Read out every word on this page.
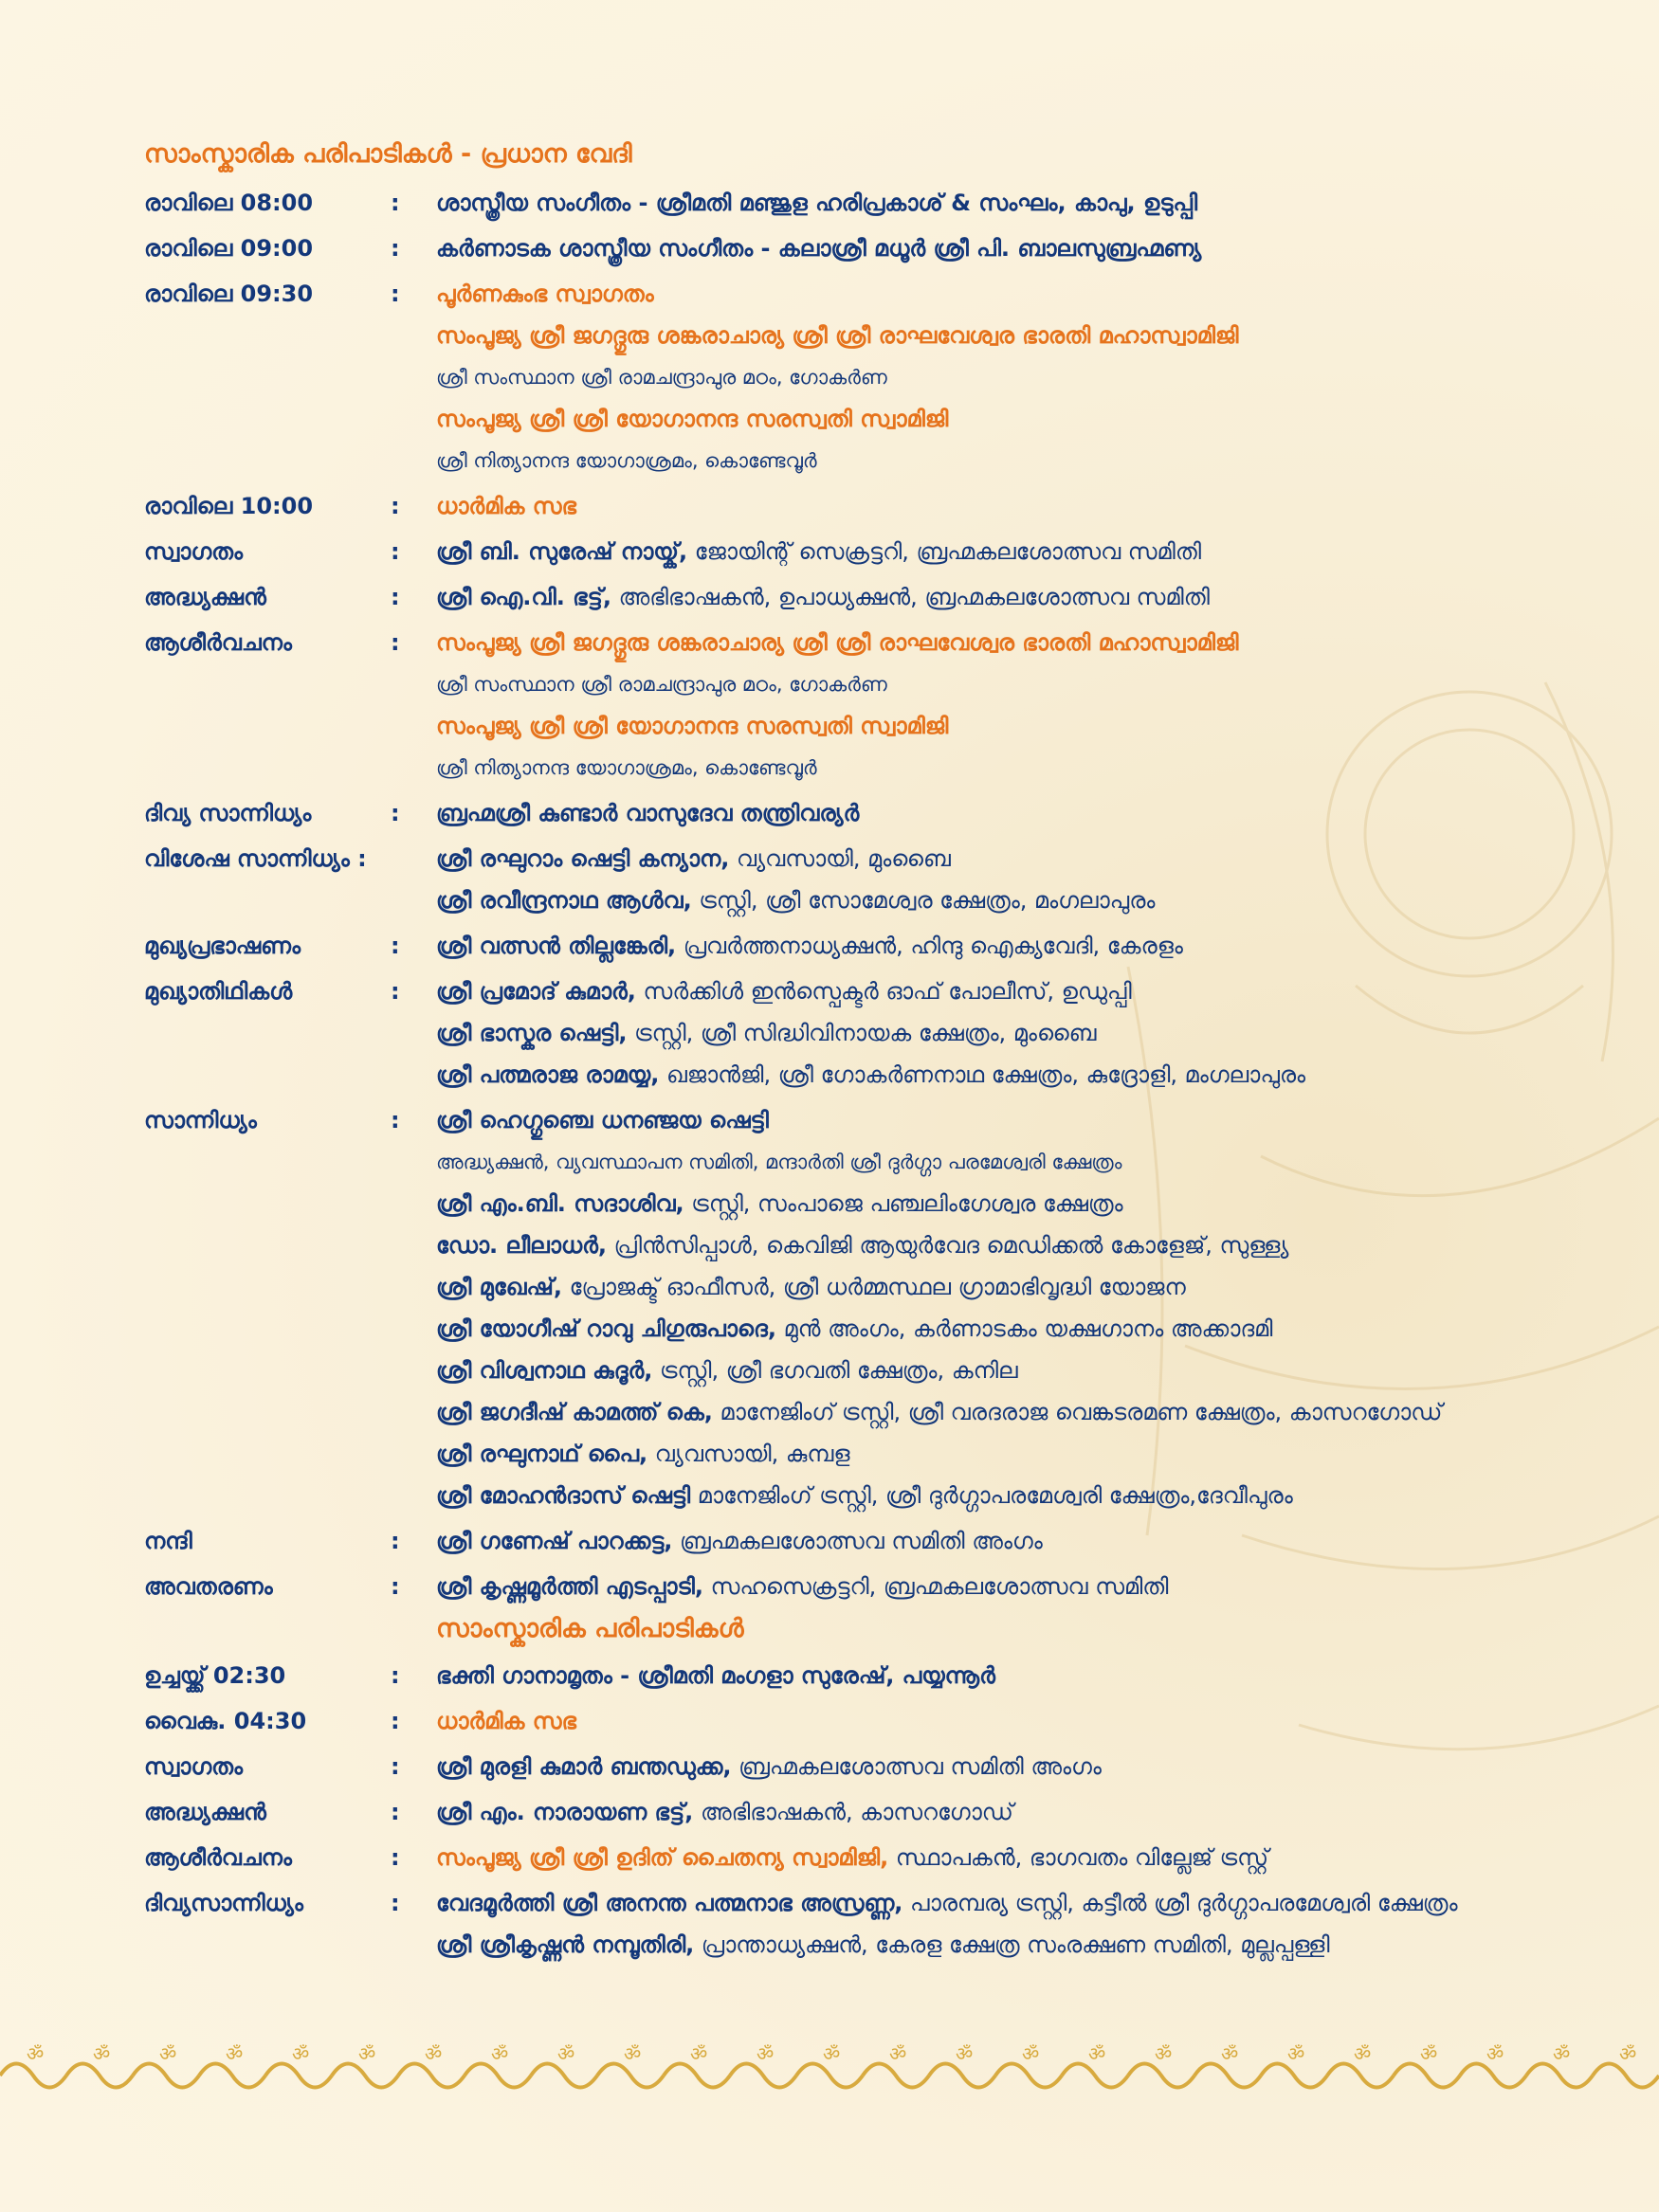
സാംസ്കാരിക പരിപാടികൾ - പ്രധാന വേദി
രാവിലെ 08:00	:	ശാസ്ത്രീയ സംഗീതം - ശ്രീമതി മഞ്ജുള ഹരിപ്രകാശ് & സംഘം, കാപു, ഉടുപ്പി
രാവിലെ 09:00	:	കർണാടക ശാസ്ത്രീയ സംഗീതം - കലാശ്രീ മധൂർ ശ്രീ പി. ബാലസുബ്രഹ്മണ്യ
രാവിലെ 09:30	:	പൂർണകുംഭ സ്വാഗതം
സംപൂജ്യ ശ്രീ ജഗദ്ഗുരു ശങ്കരാചാര്യ ശ്രീ ശ്രീ രാഘവേശ്വര ഭാരതി മഹാസ്വാമിജി
ശ്രീ സംസ്ഥാന ശ്രീ രാമചന്ദ്രാപുര മഠം, ഗോകർണ
സംപൂജ്യ ശ്രീ ശ്രീ യോഗാനന്ദ സരസ്വതി സ്വാമിജി
ശ്രീ നിത്യാനന്ദ യോഗാശ്രമം, കൊണ്ടേവൂർ
രാവിലെ 10:00	:	ധാർമിക സഭ
സ്വാഗതം	:	ശ്രീ ബി. സുരേഷ് നായ്ക്, ജോയിന്റ് സെക്രട്ടറി, ബ്രഹ്മകലശോത്സവ സമിതി
അദ്ധ്യക്ഷൻ	:	ശ്രീ ഐ.വി. ഭട്ട്, അഭിഭാഷകൻ, ഉപാധ്യക്ഷൻ, ബ്രഹ്മകലശോത്സവ സമിതി
ആശീർവചനം	:	സംപൂജ്യ ശ്രീ ജഗദ്ഗുരു ശങ്കരാചാര്യ ശ്രീ ശ്രീ രാഘവേശ്വര ഭാരതി മഹാസ്വാമിജി
ശ്രീ സംസ്ഥാന ശ്രീ രാമചന്ദ്രാപുര മഠം, ഗോകർണ
സംപൂജ്യ ശ്രീ ശ്രീ യോഗാനന്ദ സരസ്വതി സ്വാമിജി
ശ്രീ നിത്യാനന്ദ യോഗാശ്രമം, കൊണ്ടേവൂർ
ദിവ്യ സാന്നിധ്യം	:	ബ്രഹ്മശ്രീ കുണ്ടാർ വാസുദേവ തന്ത്രിവര്യർ
വിശേഷ സാന്നിധ്യം :	ശ്രീ രഘുറാം ഷെട്ടി കന്യാന, വ്യവസായി, മുംബൈ
ശ്രീ രവീന്ദ്രനാഥ ആൾവ, ട്രസ്റ്റി, ശ്രീ സോമേശ്വര ക്ഷേത്രം, മംഗലാപുരം
മുഖ്യപ്രഭാഷണം	:	ശ്രീ വത്സൻ തില്ലങ്കേരി, പ്രവർത്തനാധ്യക്ഷൻ, ഹിന്ദു ഐക്യവേദി, കേരളം
മുഖ്യാതിഥികൾ	:	ശ്രീ പ്രമോദ് കുമാർ, സർക്കിൾ ഇൻസ്പെക്ടർ ഓഫ് പോലീസ്, ഉഡുപ്പി
ശ്രീ ഭാസ്കര ഷെട്ടി, ട്രസ്റ്റി, ശ്രീ സിദ്ധിവിനായക ക്ഷേത്രം, മുംബൈ
ശ്രീ പത്മരാജ രാമയ്യ, ഖജാൻജി, ശ്രീ ഗോകർണനാഥ ക്ഷേത്രം, കുദ്രോളി, മംഗലാപുരം
സാന്നിധ്യം	:	ശ്രീ ഹെഗ്ഗുഞ്ചെ ധനഞ്ജയ ഷെട്ടി
അദ്ധ്യക്ഷൻ, വ്യവസ്ഥാപന സമിതി, മന്ദാർതി ശ്രീ ദുർഗ്ഗാ പരമേശ്വരി ക്ഷേത്രം
ശ്രീ എം.ബി. സദാശിവ, ട്രസ്റ്റി, സംപാജെ പഞ്ചലിംഗേശ്വര ക്ഷേത്രം
ഡോ. ലീലാധർ, പ്രിൻസിപ്പാൾ, കെവിജി ആയുർവേദ മെഡിക്കൽ കോളേജ്, സുള്ള്യ
ശ്രീ മുഖേഷ്, പ്രോജക്ട് ഓഫീസർ, ശ്രീ ധർമ്മസ്ഥല ഗ്രാമാഭിവൃദ്ധി യോജന
ശ്രീ യോഗീഷ് റാവു ചിഗുരുപാദെ, മുൻ അംഗം, കർണാടകം യക്ഷഗാനം അക്കാദമി
ശ്രീ വിശ്വനാഥ കുദൂർ, ട്രസ്റ്റി, ശ്രീ ഭഗവതി ക്ഷേത്രം, കനില
ശ്രീ ജഗദീഷ് കാമത്ത് കെ, മാനേജിംഗ് ട്രസ്റ്റി, ശ്രീ വരദരാജ വെങ്കടരമണ ക്ഷേത്രം, കാസറഗോഡ്
ശ്രീ രഘുനാഥ് പൈ, വ്യവസായി, കുമ്പള
ശ്രീ മോഹൻദാസ് ഷെട്ടി മാനേജിംഗ് ട്രസ്റ്റി, ശ്രീ ദുർഗ്ഗാപരമേശ്വരി ക്ഷേത്രം,ദേവീപുരം
നന്ദി	:	ശ്രീ ഗണേഷ് പാറക്കട്ട, ബ്രഹ്മകലശോത്സവ സമിതി അംഗം
അവതരണം	:	ശ്രീ കൃഷ്ണമൂർത്തി എടപ്പാടി, സഹസെക്രട്ടറി, ബ്രഹ്മകലശോത്സവ സമിതി
സാംസ്കാരിക പരിപാടികൾ
ഉച്ചയ്ക്ക് 02:30	:	ഭക്തി ഗാനാമൃതം - ശ്രീമതി മംഗളാ സുരേഷ്, പയ്യന്നൂർ
വൈകു. 04:30	:	ധാർമിക സഭ
സ്വാഗതം	:	ശ്രീ മുരളി കുമാർ ബന്തഡുക്ക, ബ്രഹ്മകലശോത്സവ സമിതി അംഗം
അദ്ധ്യക്ഷൻ	:	ശ്രീ എം. നാരായണ ഭട്ട്, അഭിഭാഷകൻ, കാസറഗോഡ്
ആശീർവചനം	:	സംപൂജ്യ ശ്രീ ശ്രീ ഉദിത് ചൈതന്യ സ്വാമിജി, സ്ഥാപകൻ, ഭാഗവതം വില്ലേജ് ട്രസ്റ്റ്
ദിവ്യസാന്നിധ്യം	:	വേദമൂർത്തി ശ്രീ അനന്ത പത്മനാഭ അസ്രണ്ണ, പാരമ്പര്യ ട്രസ്റ്റി, കട്ടീൽ ശ്രീ ദുർഗ്ഗാപരമേശ്വരി ക്ഷേത്രം
ശ്രീ ശ്രീകൃഷ്ണൻ നമ്പൂതിരി, പ്രാന്താധ്യക്ഷൻ, കേരള ക്ഷേത്ര സംരക്ഷണ സമിതി, മുല്ലപ്പള്ളി
ॐ	ॐ	ॐ	ॐ	ॐ	ॐ	ॐ	ॐ	ॐ	ॐ	ॐ	ॐ	ॐ	ॐ	ॐ	ॐ	ॐ	ॐ	ॐ	ॐ	ॐ	ॐ	ॐ	ॐ	ॐ
